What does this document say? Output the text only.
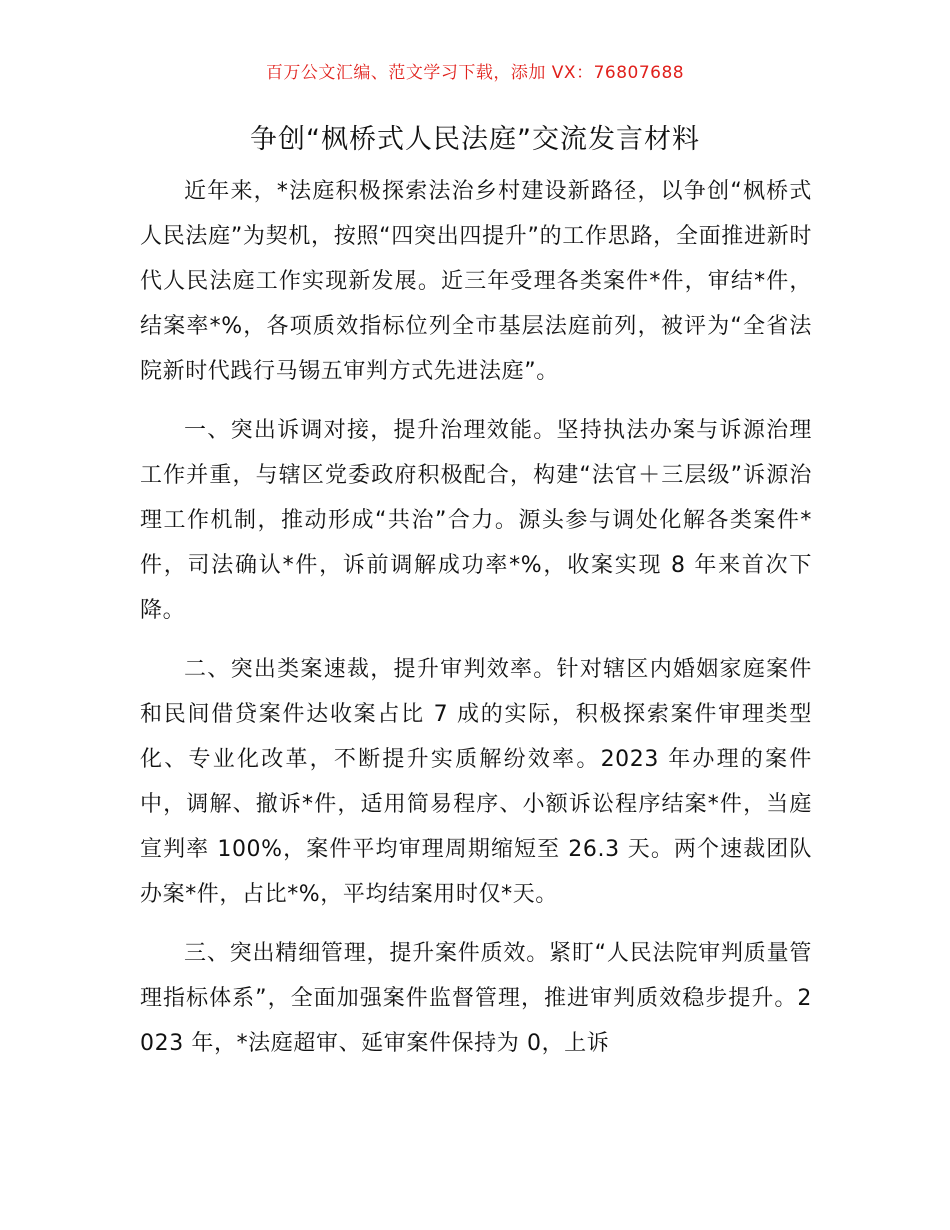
百万公文汇编、范文学习下载，添加 VX：76807688
争创“枫桥式人民法庭”交流发言材料

近年来，*法庭积极探索法治乡村建设新路径，以争创“枫桥式人民法庭”为契机，按照“四突出四提升”的工作思路，全面推进新时代人民法庭工作实现新发展。近三年受理各类案件*件，审结*件，结案率*%，各项质效指标位列全市基层法庭前列，被评为“全省法院新时代践行马锡五审判方式先进法庭”。

一、突出诉调对接，提升治理效能。坚持执法办案与诉源治理工作并重，与辖区党委政府积极配合，构建“法官＋三层级”诉源治理工作机制，推动形成“共治”合力。源头参与调处化解各类案件*件，司法确认*件，诉前调解成功率*%，收案实现 8 年来首次下降。

二、突出类案速裁，提升审判效率。针对辖区内婚姻家庭案件和民间借贷案件达收案占比 7 成的实际，积极探索案件审理类型化、专业化改革，不断提升实质解纷效率。2023 年办理的案件中，调解、撤诉*件，适用简易程序、小额诉讼程序结案*件，当庭宣判率 100%，案件平均审理周期缩短至 26.3 天。两个速裁团队办案*件，占比*%，平均结案用时仅*天。

三、突出精细管理，提升案件质效。紧盯“人民法院审判质量管理指标体系”，全面加强案件监督管理，推进审判质效稳步提升。2023 年，*法庭超审、延审案件保持为 0，上诉
